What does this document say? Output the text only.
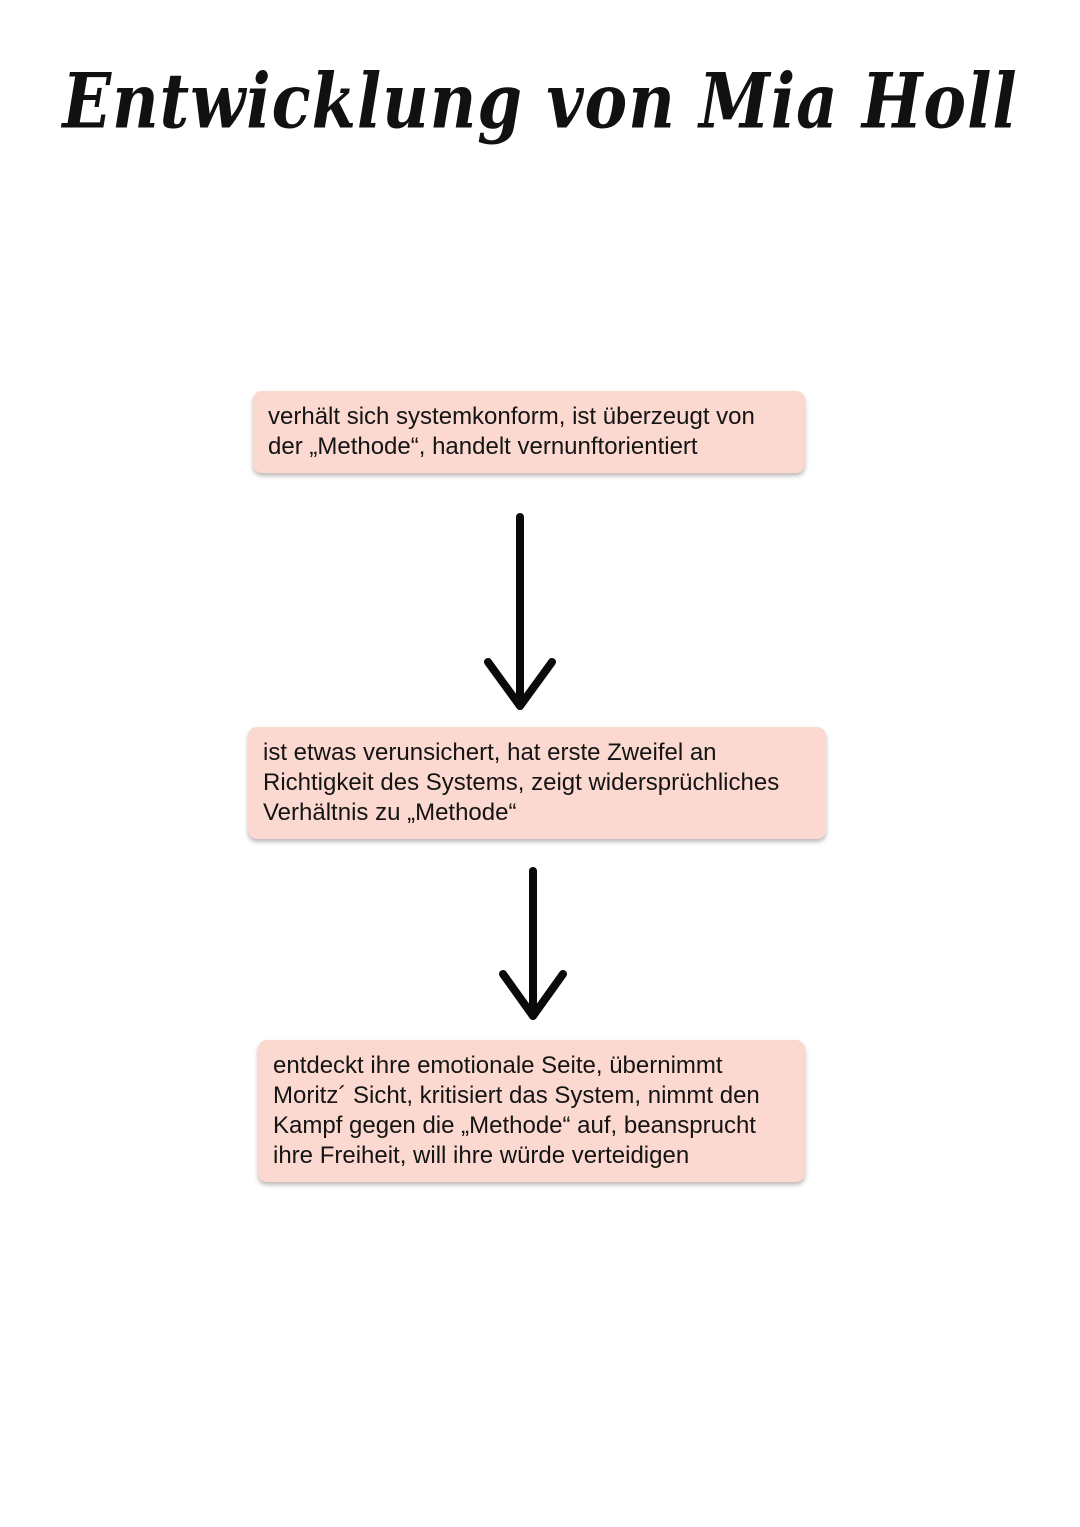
Entwicklung von Mia Holl
verhält sich systemkonform, ist überzeugt von der „Methode“, handelt vernunftorientiert
ist etwas verunsichert, hat erste Zweifel an Richtigkeit des Systems, zeigt widersprüchliches Verhältnis zu „Methode“
entdeckt ihre emotionale Seite, übernimmt Moritz´ Sicht, kritisiert das System, nimmt den Kampf gegen die „Methode“ auf, beansprucht ihre Freiheit, will ihre würde verteidigen
